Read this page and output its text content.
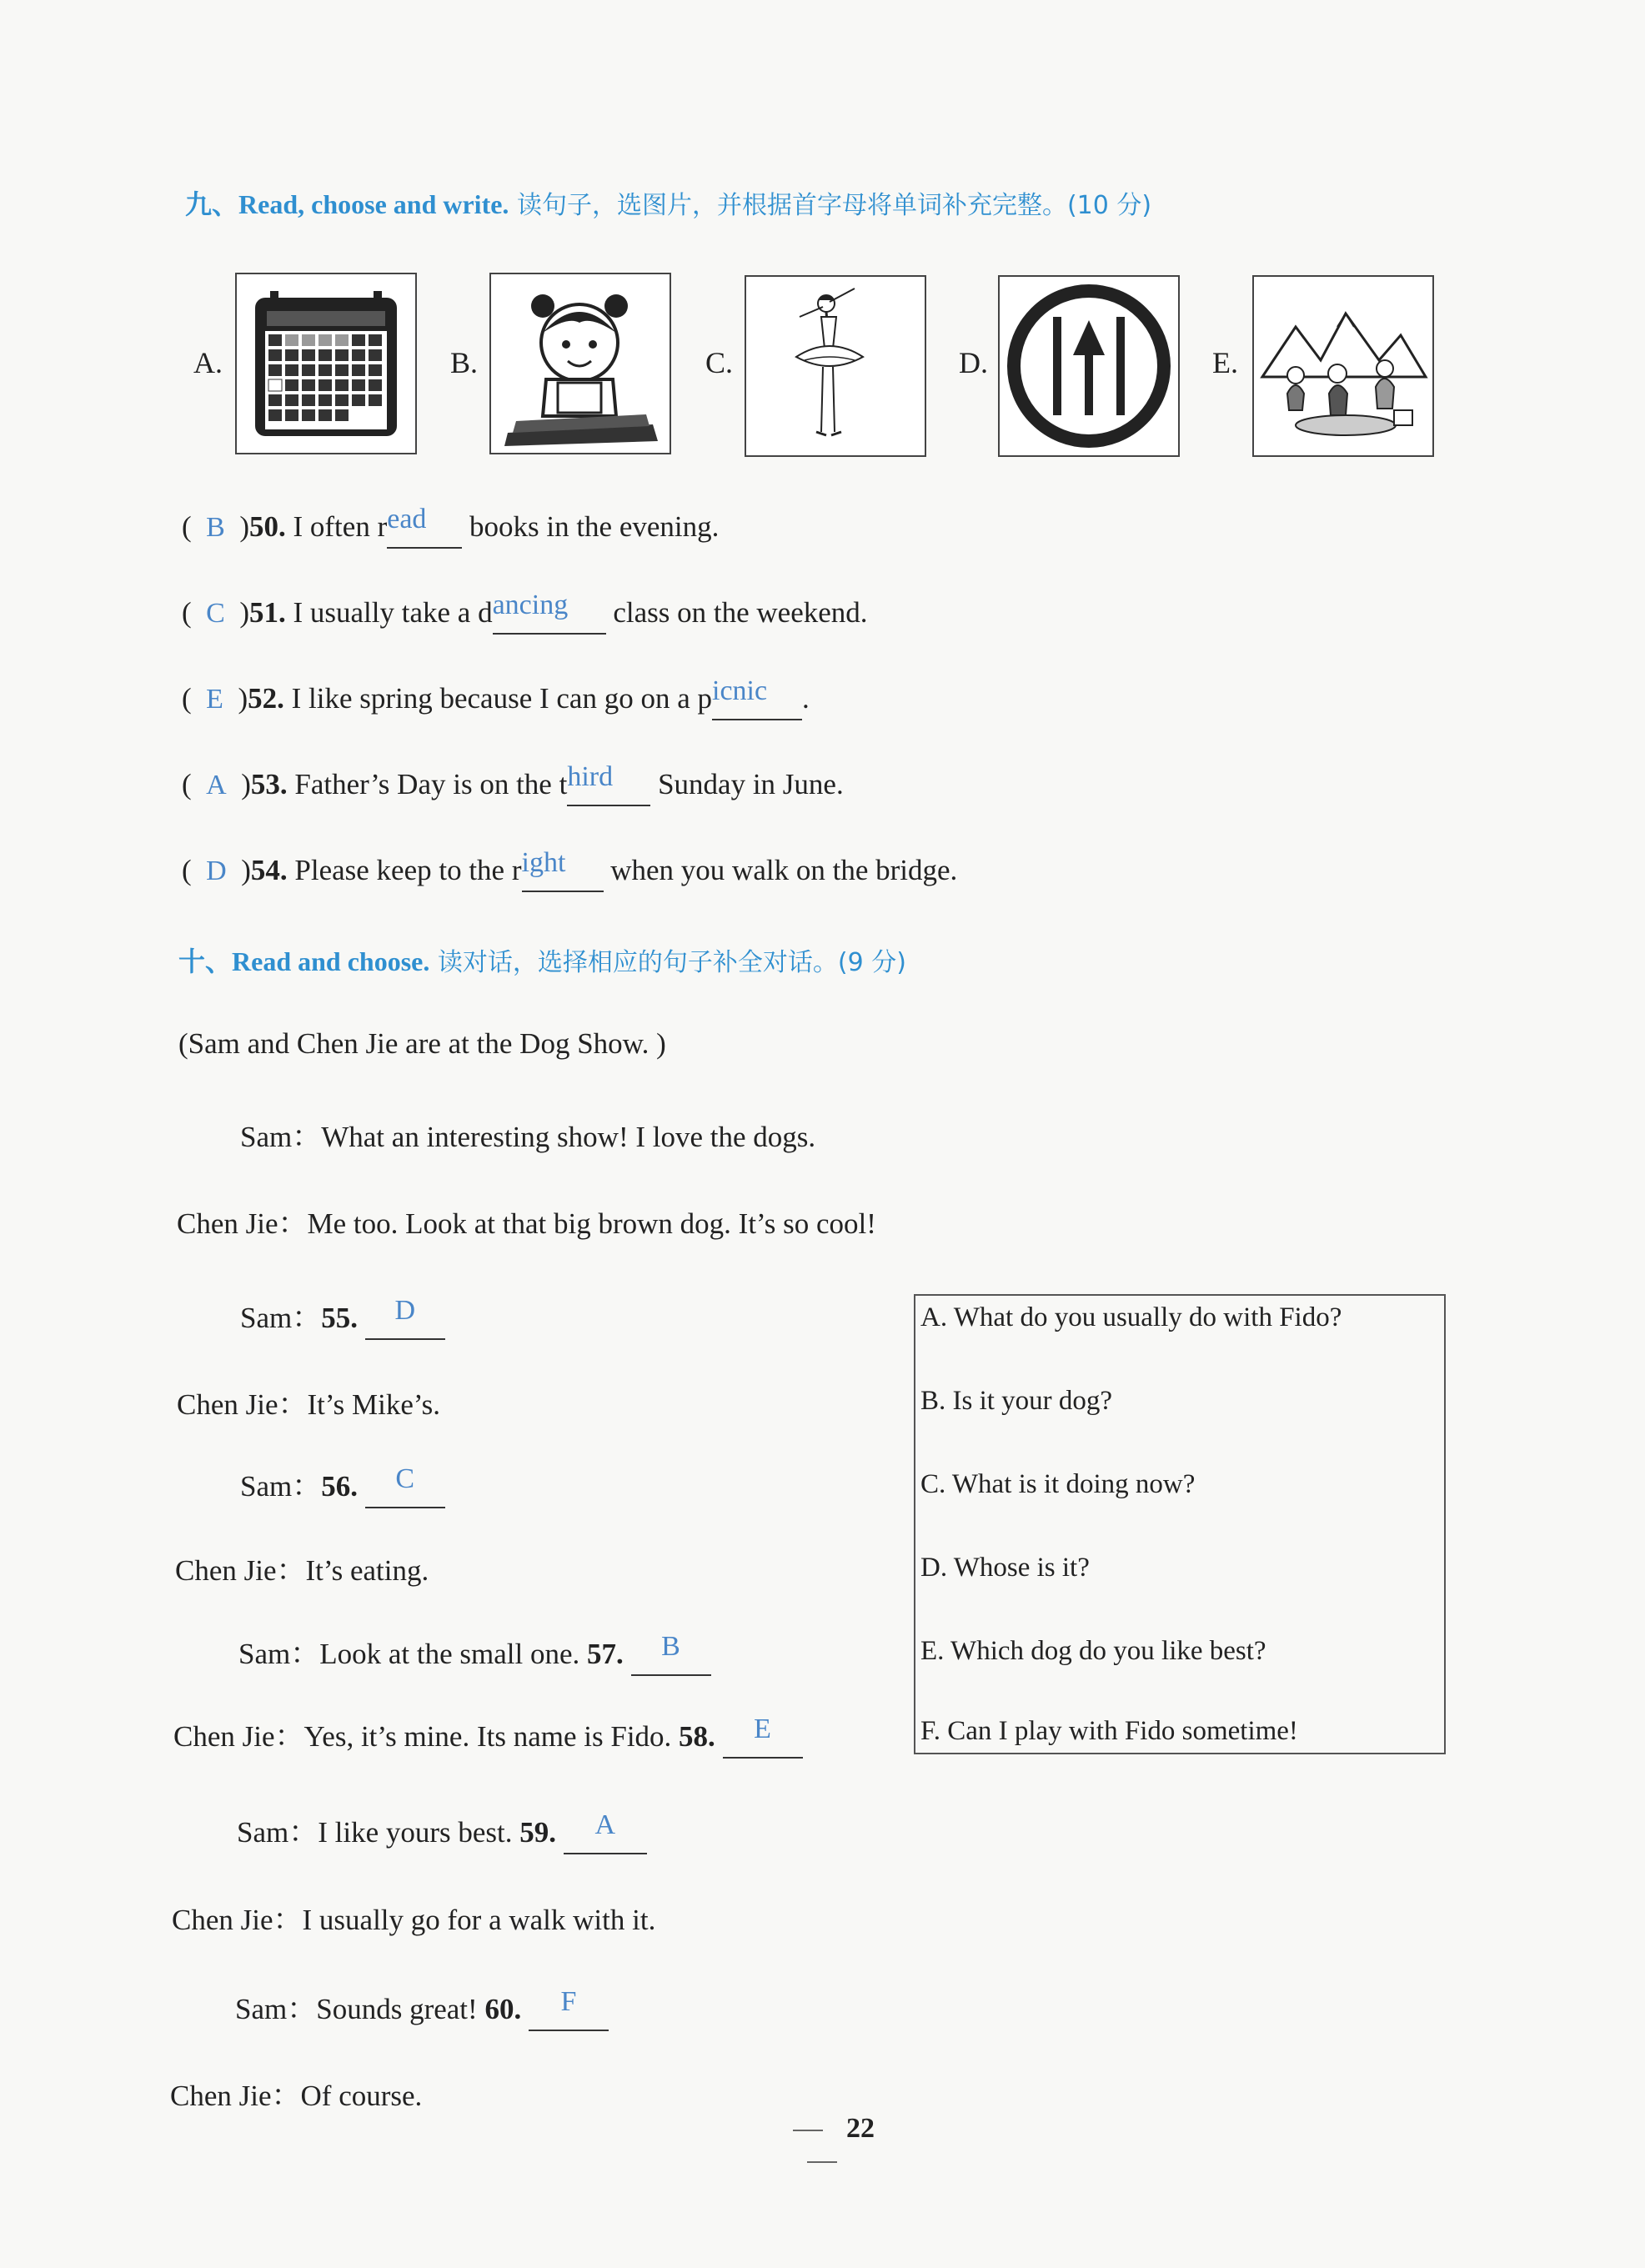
九、Read, choose and write. 读句子，选图片，并根据首字母将单词补充完整。(10 分)
A.	B.	C.	D.	E.
(  B  )50. I often read books in the evening.
(  C  )51. I usually take a dancing class on the weekend.
(  E  )52. I like spring because I can go on a picnic .
(  A  )53. Father’s Day is on the third Sunday in June.
(  D  )54. Please keep to the right when you walk on the bridge.
十、Read and choose. 读对话，选择相应的句子补全对话。(9 分)
(Sam and Chen Jie are at the Dog Show. )
Sam：What an interesting show! I love the dogs.
Chen Jie：Me too. Look at that big brown dog. It’s so cool!
Sam：55. D
Chen Jie：It’s Mike’s.
Sam：56. C
Chen Jie：It’s eating.
Sam：Look at the small one. 57. B
Chen Jie：Yes, it’s mine. Its name is Fido. 58. E
Sam：I like yours best. 59. A
Chen Jie：I usually go for a walk with it.
Sam：Sounds great! 60. F
Chen Jie：Of course.
A. What do you usually do with Fido?
B. Is it your dog?
C. What is it doing now?
D. Whose is it?
E. Which dog do you like best?
F. Can I play with Fido sometime!
22
